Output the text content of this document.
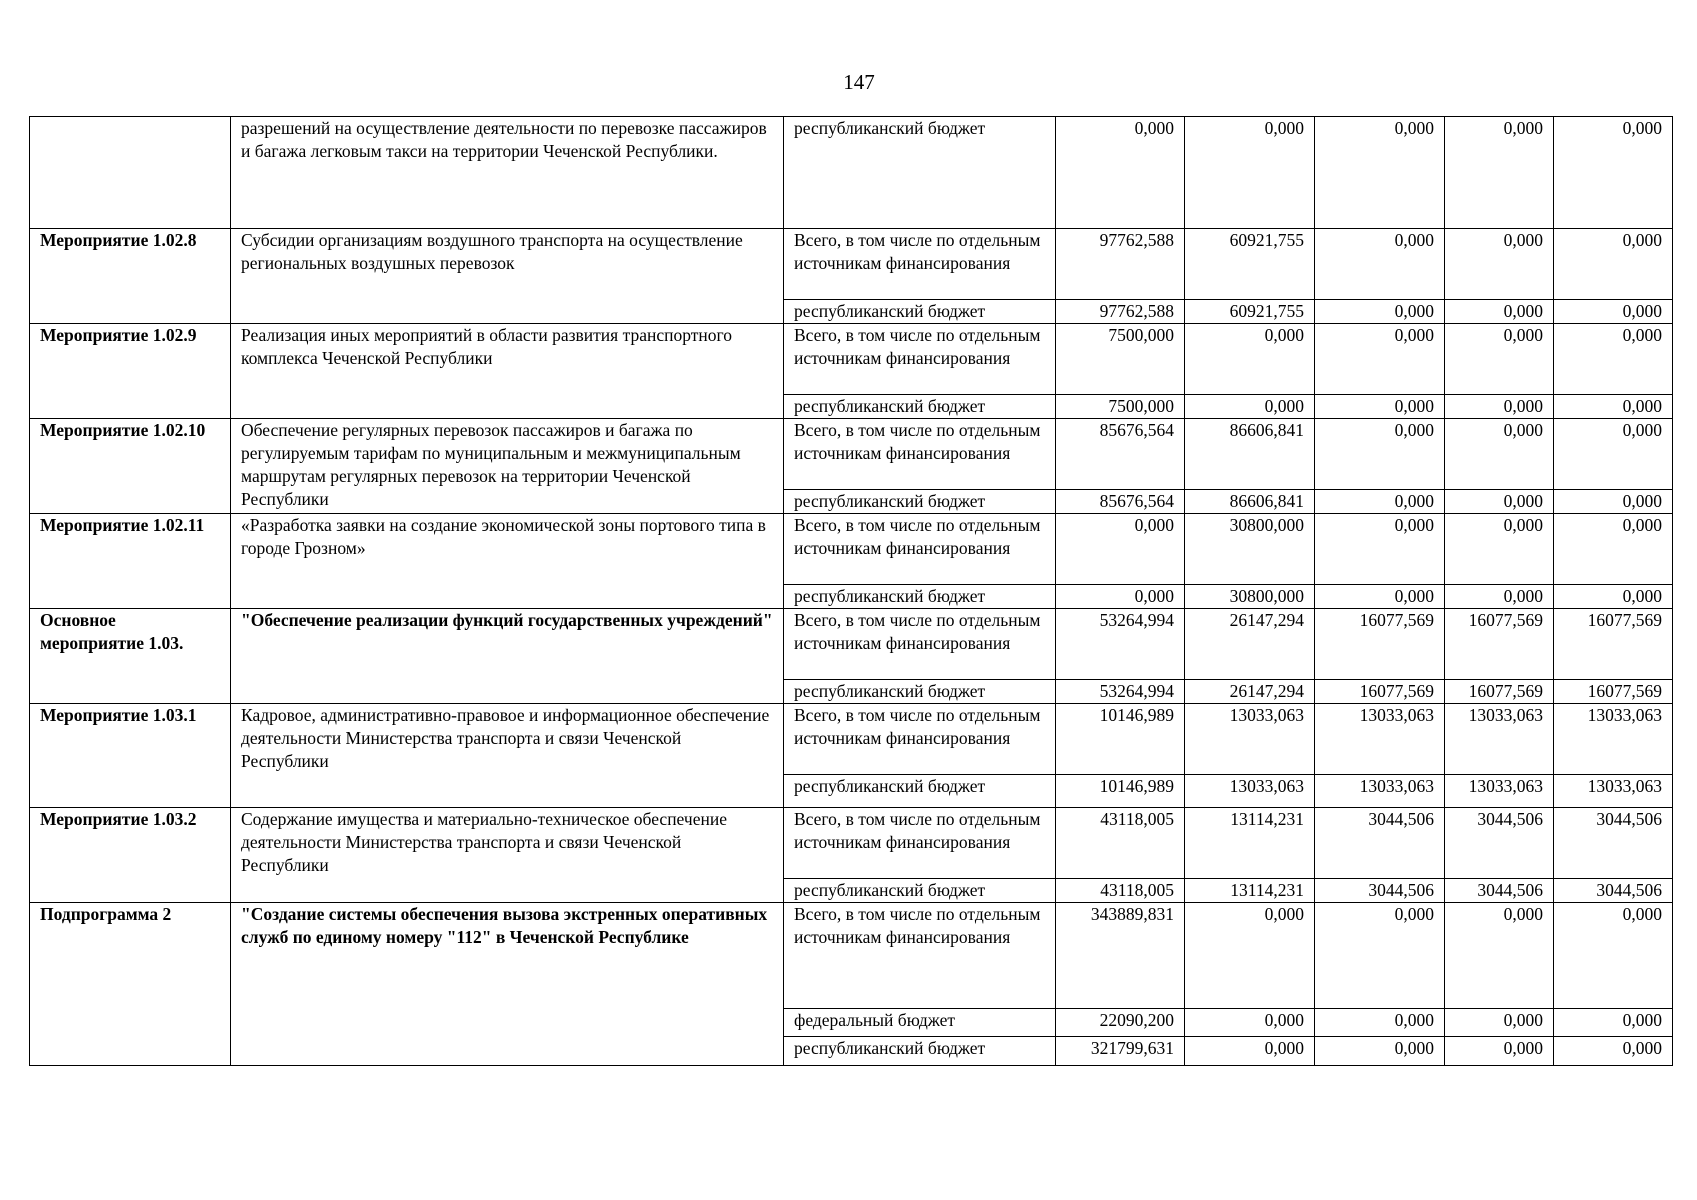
147
	разрешений на осуществление деятельности по перевозке пассажиров и багажа легковым такси на территории Чеченской Республики.	республиканский бюджет	0,000	0,000	0,000	0,000	0,000
Мероприятие 1.02.8	Субсидии организациям воздушного транспорта на осуществление региональных воздушных перевозок	Всего, в том числе по отдельным источникам финансирования	97762,588	60921,755	0,000	0,000	0,000
		республиканский бюджет	97762,588	60921,755	0,000	0,000	0,000
Мероприятие 1.02.9	Реализация иных мероприятий в области развития транспортного комплекса Чеченской Республики	Всего, в том числе по отдельным источникам финансирования	7500,000	0,000	0,000	0,000	0,000
		республиканский бюджет	7500,000	0,000	0,000	0,000	0,000
Мероприятие 1.02.10	Обеспечение регулярных перевозок пассажиров и багажа по регулируемым тарифам по муниципальным и межмуниципальным маршрутам регулярных перевозок на территории Чеченской Республики	Всего, в том числе по отдельным источникам финансирования	85676,564	86606,841	0,000	0,000	0,000
		республиканский бюджет	85676,564	86606,841	0,000	0,000	0,000
Мероприятие 1.02.11	«Разработка заявки на создание экономической зоны портового типа в городе Грозном»	Всего, в том числе по отдельным источникам финансирования	0,000	30800,000	0,000	0,000	0,000
		республиканский бюджет	0,000	30800,000	0,000	0,000	0,000
Основное мероприятие 1.03.	"Обеспечение реализации функций государственных учреждений"	Всего, в том числе по отдельным источникам финансирования	53264,994	26147,294	16077,569	16077,569	16077,569
		республиканский бюджет	53264,994	26147,294	16077,569	16077,569	16077,569
Мероприятие 1.03.1	Кадровое, административно-правовое и информационное обеспечение деятельности Министерства транспорта и связи Чеченской Республики	Всего, в том числе по отдельным источникам финансирования	10146,989	13033,063	13033,063	13033,063	13033,063
		республиканский бюджет	10146,989	13033,063	13033,063	13033,063	13033,063
Мероприятие 1.03.2	Содержание имущества и материально-техническое обеспечение деятельности Министерства транспорта и связи Чеченской Республики	Всего, в том числе по отдельным источникам финансирования	43118,005	13114,231	3044,506	3044,506	3044,506
		республиканский бюджет	43118,005	13114,231	3044,506	3044,506	3044,506
Подпрограмма 2	"Создание системы обеспечения вызова экстренных оперативных служб по единому номеру "112" в Чеченской Республике	Всего, в том числе по отдельным источникам финансирования	343889,831	0,000	0,000	0,000	0,000
		федеральный бюджет	22090,200	0,000	0,000	0,000	0,000
		республиканский бюджет	321799,631	0,000	0,000	0,000	0,000
